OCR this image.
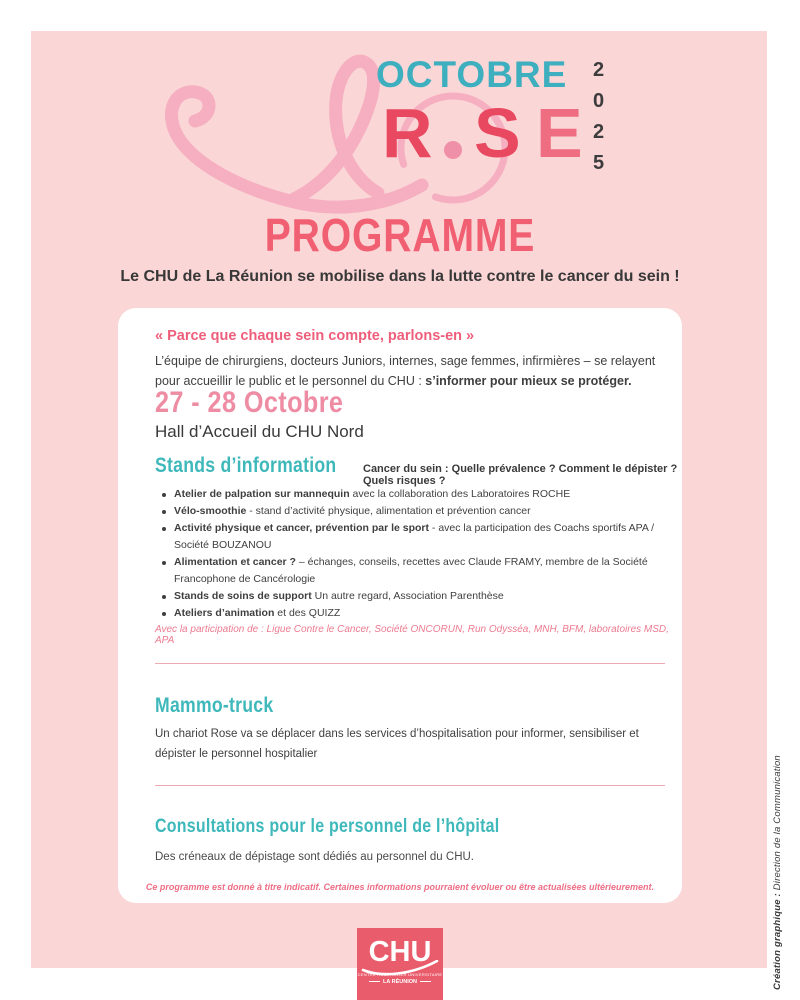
OCTOBRE 2
0
2
5
R S E
PROGRAMME
Le CHU de La Réunion se mobilise dans la lutte contre le cancer du sein !
« Parce que chaque sein compte, parlons-en »
L’équipe de chirurgiens, docteurs Juniors, internes, sage femmes, infirmières – se relayent pour accueillir le public et le personnel du CHU : s’informer pour mieux se protéger.
27 - 28 Octobre
Hall d’Accueil du CHU Nord
Stands d’information Cancer du sein : Quelle prévalence ? Comment le dépister ? Quels risques ?
Atelier de palpation sur mannequin avec la collaboration des Laboratoires ROCHE
Vélo-smoothie - stand d’activité physique, alimentation et prévention cancer
Activité physique et cancer, prévention par le sport - avec la participation des Coachs sportifs APA / Société BOUZANOU
Alimentation et cancer ? – échanges, conseils, recettes avec Claude FRAMY, membre de la Société Francophone de Cancérologie
Stands de soins de support Un autre regard, Association Parenthèse
Ateliers d’animation et des QUIZZ
Avec la participation de : Ligue Contre le Cancer, Société ONCORUN, Run Odysséa, MNH, BFM, laboratoires MSD, APA
Mammo-truck
Un chariot Rose va se déplacer dans les services d’hospitalisation pour informer, sensibiliser et dépister le personnel hospitalier
Consultations pour le personnel de l’hôpital
Des créneaux de dépistage sont dédiés au personnel du CHU.
Ce programme est donné à titre indicatif. Certaines informations pourraient évoluer ou être actualisées ultérieurement.
CHU
CENTRE HOSPITALIER UNIVERSITAIRE
LA RÉUNION	Création graphique : Direction de la Communication
